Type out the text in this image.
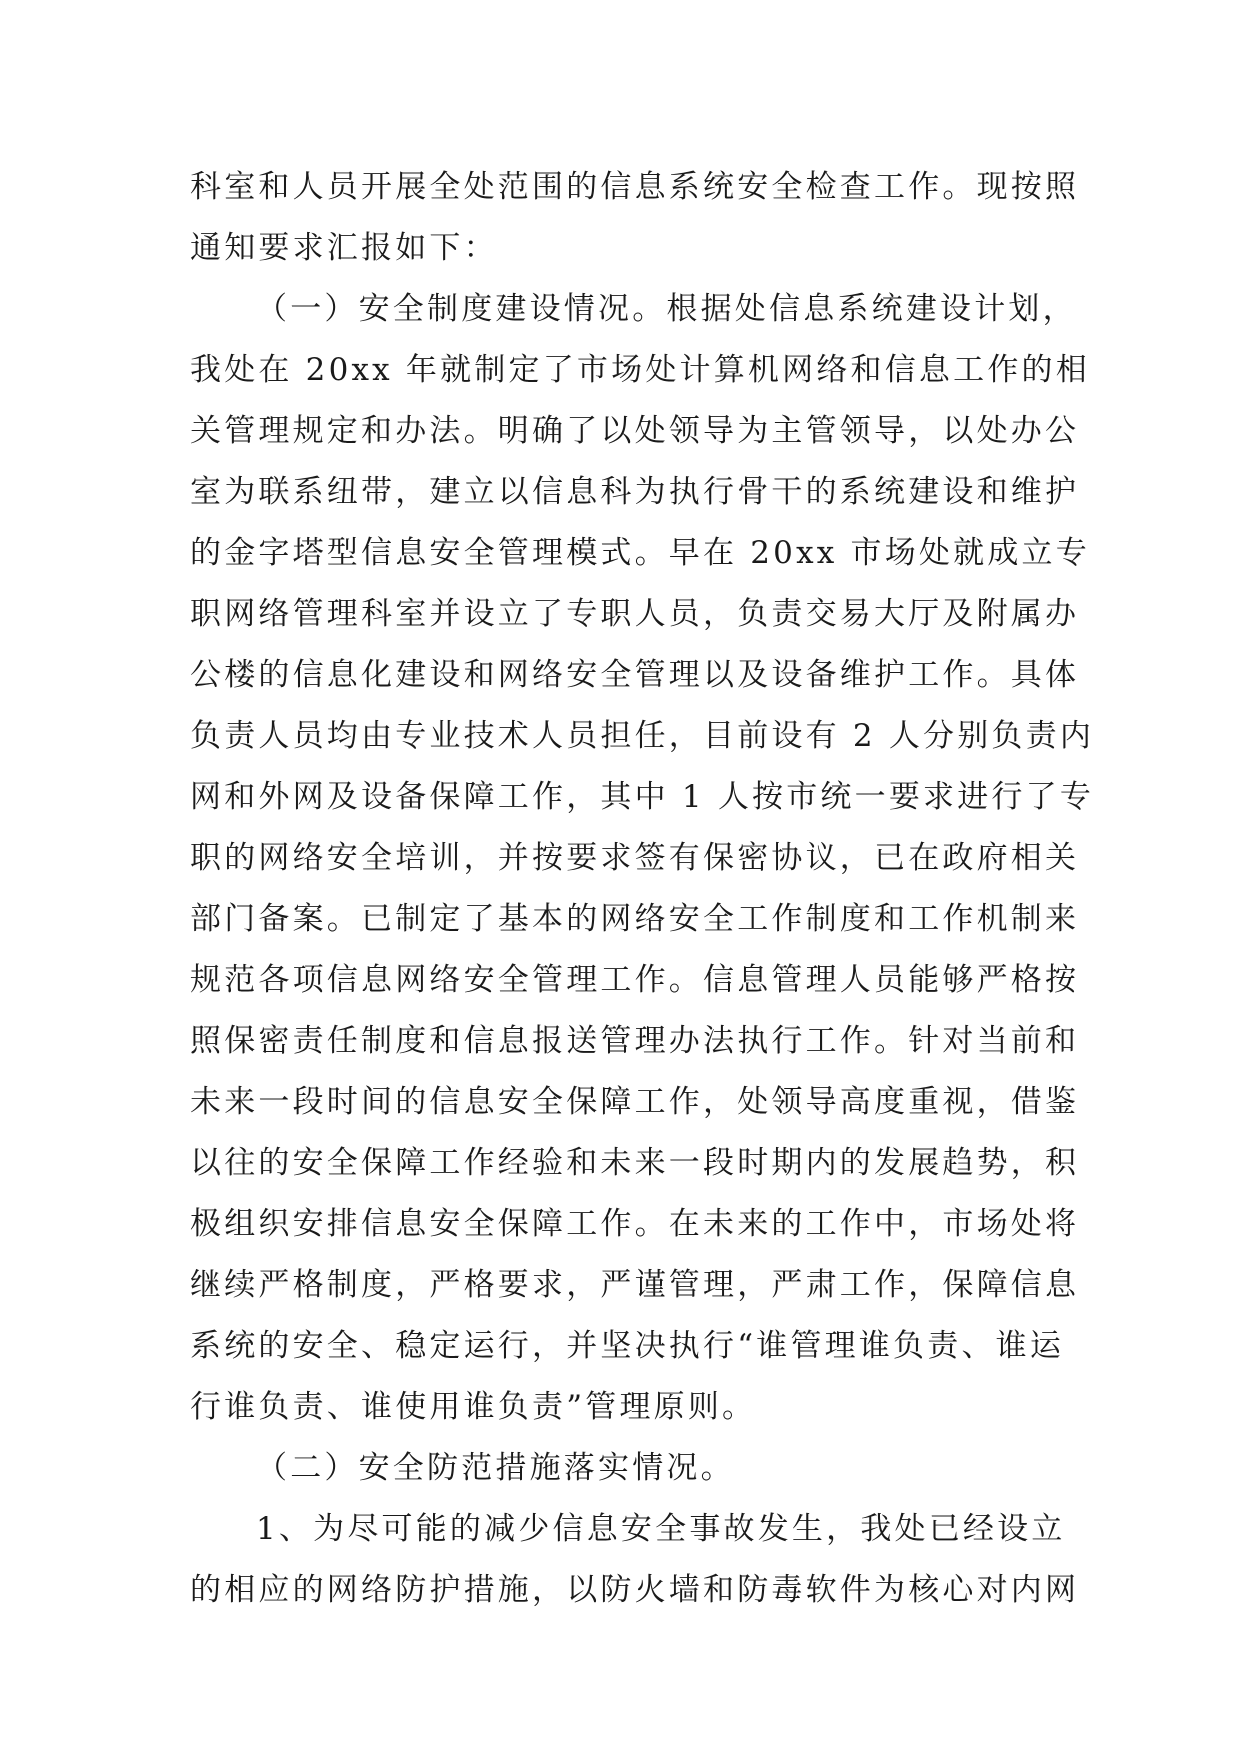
科室和人员开展全处范围的信息系统安全检查工作。现按照
通知要求汇报如下：
（一）安全制度建设情况。根据处信息系统建设计划，
我处在 20xx 年就制定了市场处计算机网络和信息工作的相
关管理规定和办法。明确了以处领导为主管领导，以处办公
室为联系纽带，建立以信息科为执行骨干的系统建设和维护
的金字塔型信息安全管理模式。早在 20xx 市场处就成立专
职网络管理科室并设立了专职人员，负责交易大厅及附属办
公楼的信息化建设和网络安全管理以及设备维护工作。具体
负责人员均由专业技术人员担任，目前设有 2 人分别负责内
网和外网及设备保障工作，其中 1 人按市统一要求进行了专
职的网络安全培训，并按要求签有保密协议，已在政府相关
部门备案。已制定了基本的网络安全工作制度和工作机制来
规范各项信息网络安全管理工作。信息管理人员能够严格按
照保密责任制度和信息报送管理办法执行工作。针对当前和
未来一段时间的信息安全保障工作，处领导高度重视，借鉴
以往的安全保障工作经验和未来一段时期内的发展趋势，积
极组织安排信息安全保障工作。在未来的工作中，市场处将
继续严格制度，严格要求，严谨管理，严肃工作，保障信息
系统的安全、稳定运行，并坚决执行“谁管理谁负责、谁运
行谁负责、谁使用谁负责”管理原则。
（二）安全防范措施落实情况。
1、为尽可能的减少信息安全事故发生，我处已经设立
的相应的网络防护措施，以防火墙和防毒软件为核心对内网
